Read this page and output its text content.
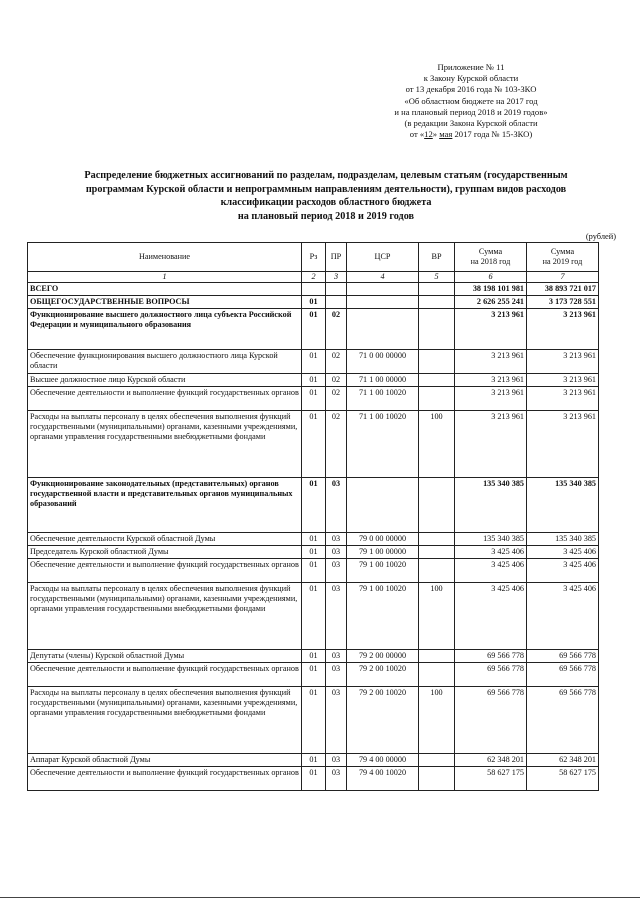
Приложение № 11
к Закону Курской области
от 13 декабря 2016 года № 103-ЗКО
«Об областном бюджете на 2017 год
и на плановый период 2018 и 2019 годов»
(в редакции Закона Курской области
от «12» мая 2017 года № 15-ЗКО)
Распределение бюджетных ассигнований по разделам, подразделам, целевым статьям (государственным
программам Курской области и непрограммным направлениям деятельности), группам видов расходов
классификации расходов областного бюджета
на плановый период 2018 и 2019 годов
(рублей)
Наименование	Рз	ПР	ЦСР	ВР	Сумма
на 2018 год	Сумма
на 2019 год
1	2	3	4	5	6	7
ВСЕГО					38 198 101 981	38 893 721 017
ОБЩЕГОСУДАРСТВЕННЫЕ ВОПРОСЫ	01				2 626 255 241	3 173 728 551
Функционирование высшего должностного лица субъекта Российской Федерации и муниципального образования	01	02			3 213 961	3 213 961
Обеспечение функционирования высшего должностного лица Курской области	01	02	71 0 00 00000		3 213 961	3 213 961
Высшее должностное лицо Курской области	01	02	71 1 00 00000		3 213 961	3 213 961
Обеспечение деятельности и выполнение функций государственных органов	01	02	71 1 00 10020		3 213 961	3 213 961
Расходы на выплаты персоналу в целях обеспечения выполнения функций государственными (муниципальными) органами, казенными учреждениями, органами управления государственными внебюджетными фондами	01	02	71 1 00 10020	100	3 213 961	3 213 961
Функционирование законодательных (представительных) органов государственной власти и представительных органов муниципальных образований	01	03			135 340 385	135 340 385
Обеспечение деятельности Курской областной Думы	01	03	79 0 00 00000		135 340 385	135 340 385
Председатель Курской областной Думы	01	03	79 1 00 00000		3 425 406	3 425 406
Обеспечение деятельности и выполнение функций государственных органов	01	03	79 1 00 10020		3 425 406	3 425 406
Расходы на выплаты персоналу в целях обеспечения выполнения функций государственными (муниципальными) органами, казенными учреждениями, органами управления государственными внебюджетными фондами	01	03	79 1 00 10020	100	3 425 406	3 425 406
Депутаты (члены) Курской областной Думы	01	03	79 2 00 00000		69 566 778	69 566 778
Обеспечение деятельности и выполнение функций государственных органов	01	03	79 2 00 10020		69 566 778	69 566 778
Расходы на выплаты персоналу в целях обеспечения выполнения функций государственными (муниципальными) органами, казенными учреждениями, органами управления государственными внебюджетными фондами	01	03	79 2 00 10020	100	69 566 778	69 566 778
Аппарат Курской областной Думы	01	03	79 4 00 00000		62 348 201	62 348 201
Обеспечение деятельности и выполнение функций государственных органов	01	03	79 4 00 10020		58 627 175	58 627 175
